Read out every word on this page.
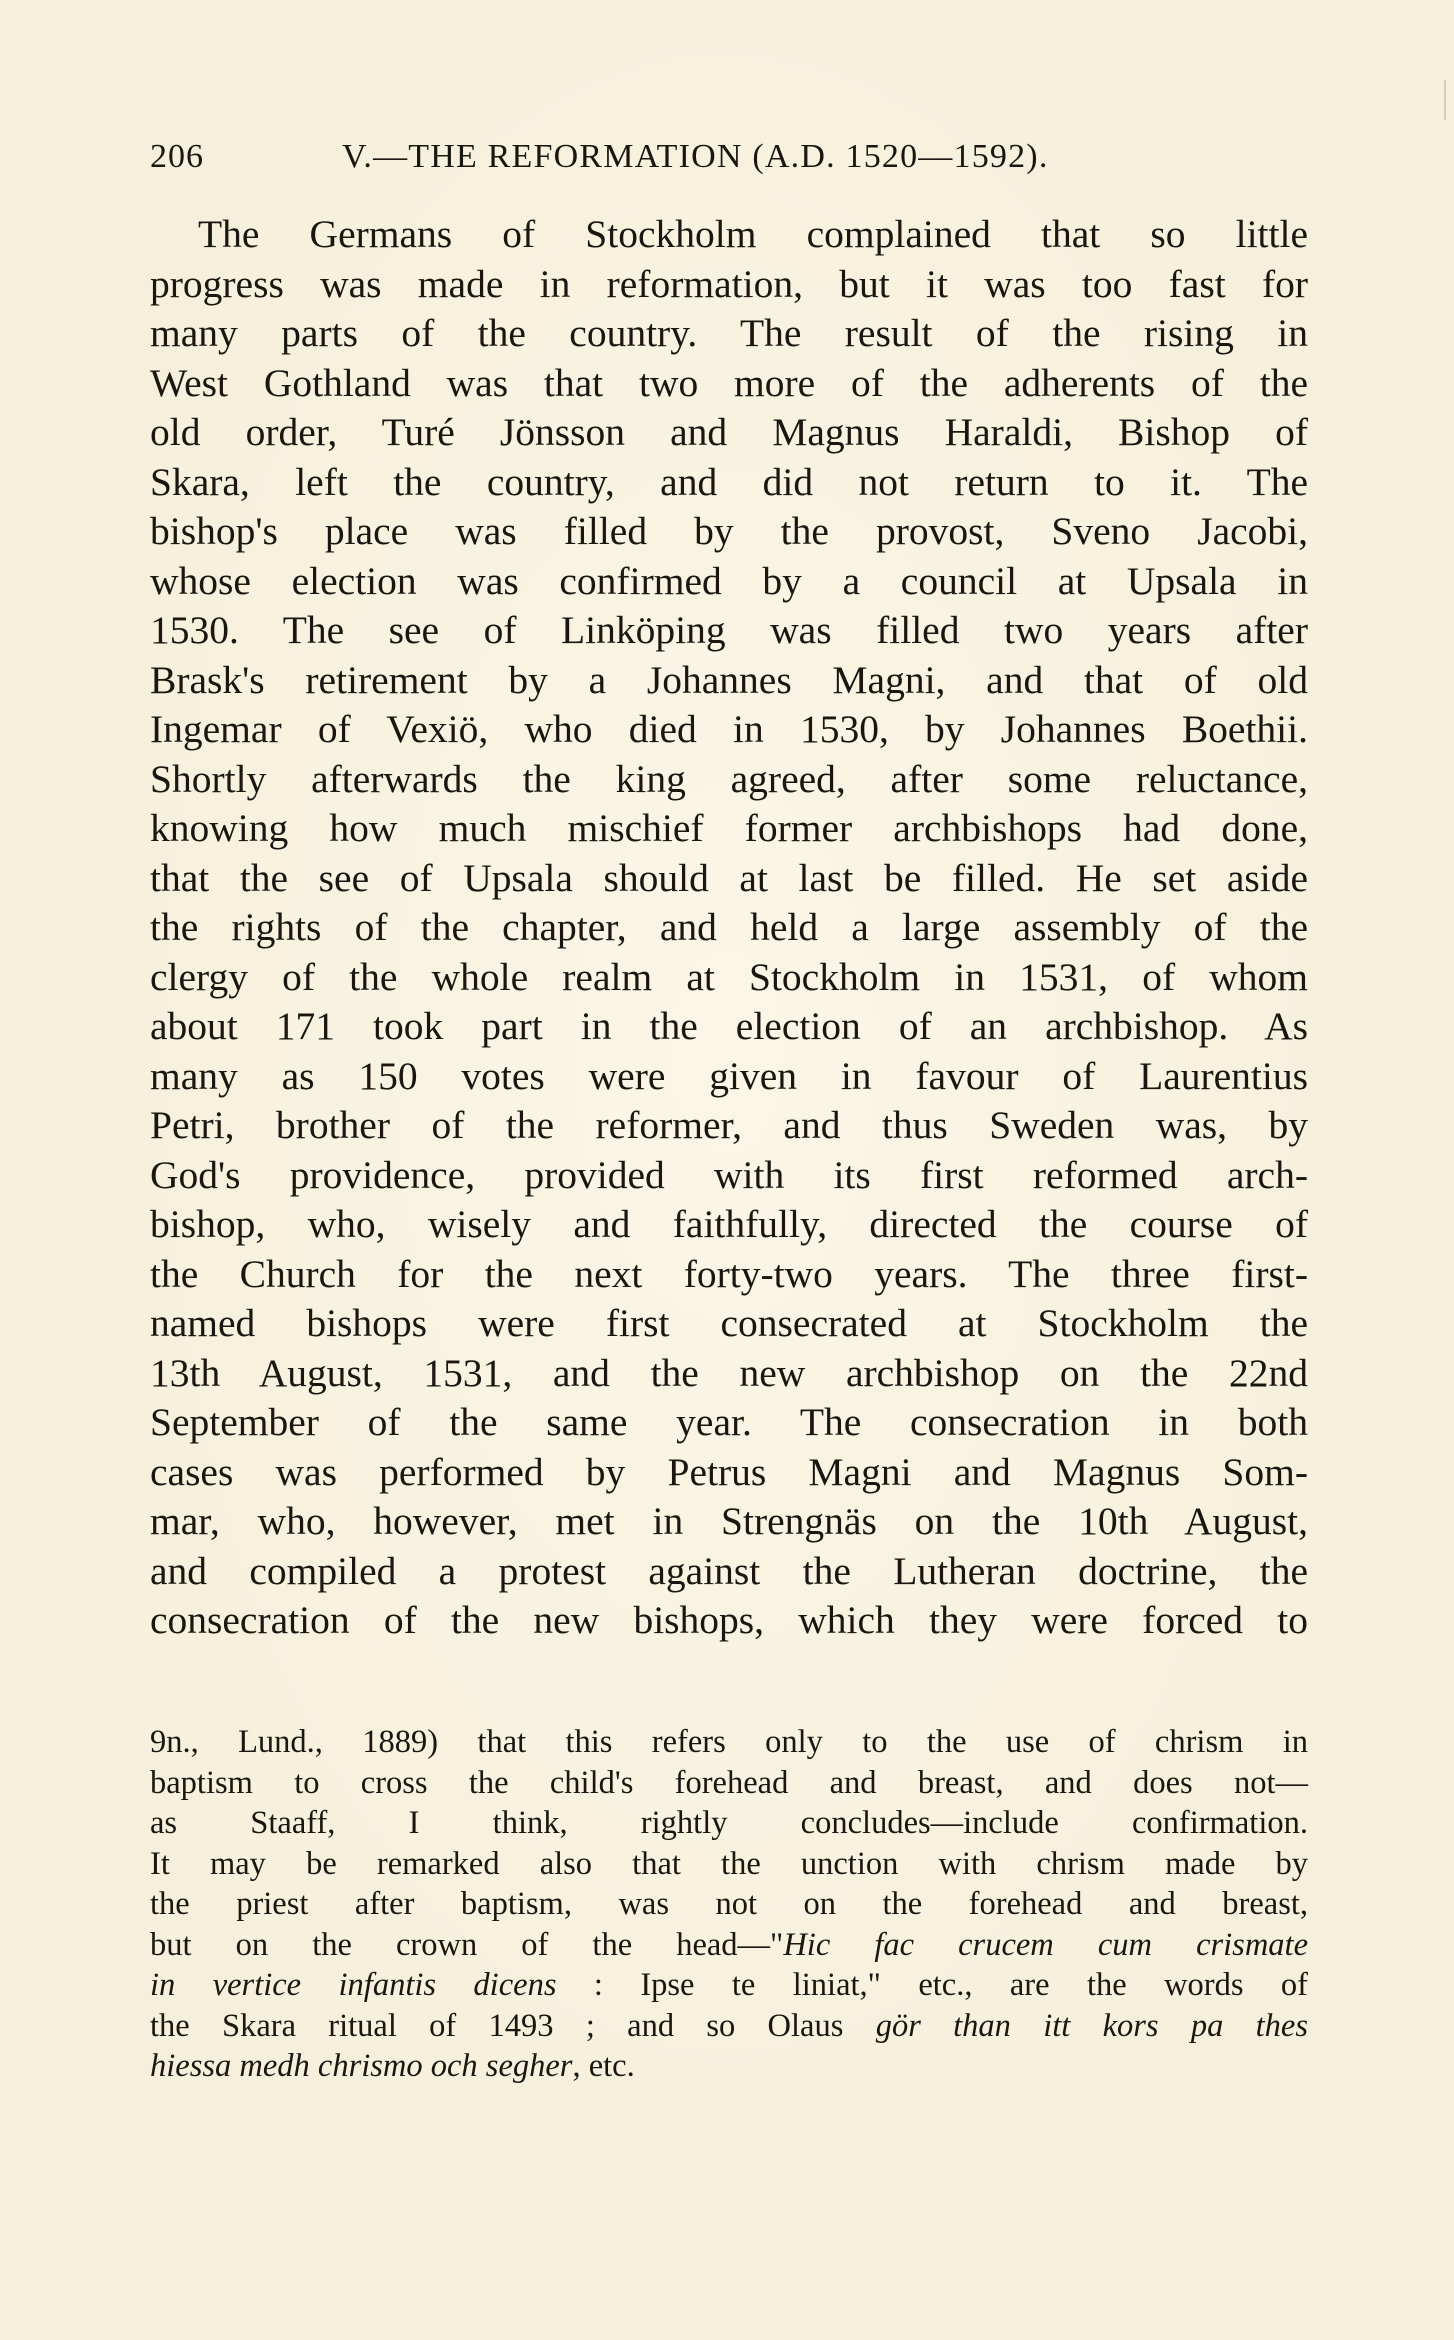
206	V.—THE REFORMATION (A.D. 1520—1592).
The Germans of Stockholm complained that so little
progress was made in reformation, but it was too fast for
many parts of the country. The result of the rising in
West Gothland was that two more of the adherents of the
old order, Turé Jönsson and Magnus Haraldi, Bishop of
Skara, left the country, and did not return to it. The
bishop's place was filled by the provost, Sveno Jacobi,
whose election was confirmed by a council at Upsala in
1530. The see of Linköping was filled two years after
Brask's retirement by a Johannes Magni, and that of old
Ingemar of Vexiö, who died in 1530, by Johannes Boethii.
Shortly afterwards the king agreed, after some reluctance,
knowing how much mischief former archbishops had done,
that the see of Upsala should at last be filled. He set aside
the rights of the chapter, and held a large assembly of the
clergy of the whole realm at Stockholm in 1531, of whom
about 171 took part in the election of an archbishop. As
many as 150 votes were given in favour of Laurentius
Petri, brother of the reformer, and thus Sweden was, by
God's providence, provided with its first reformed arch-
bishop, who, wisely and faithfully, directed the course of
the Church for the next forty-two years. The three first-
named bishops were first consecrated at Stockholm the
13th August, 1531, and the new archbishop on the 22nd
September of the same year. The consecration in both
cases was performed by Petrus Magni and Magnus Som-
mar, who, however, met in Strengnäs on the 10th August,
and compiled a protest against the Lutheran doctrine, the
consecration of the new bishops, which they were forced to
9n., Lund., 1889) that this refers only to the use of chrism in
baptism to cross the child's forehead and breast, and does not—
as Staaff, I think, rightly concludes—include confirmation.
It may be remarked also that the unction with chrism made by
the priest after baptism, was not on the forehead and breast,
but on the crown of the head—"Hic fac crucem cum crismate
in vertice infantis dicens : Ipse te liniat," etc., are the words of
the Skara ritual of 1493 ; and so Olaus gör than itt kors pa thes
hiessa medh chrismo och segher, etc.
